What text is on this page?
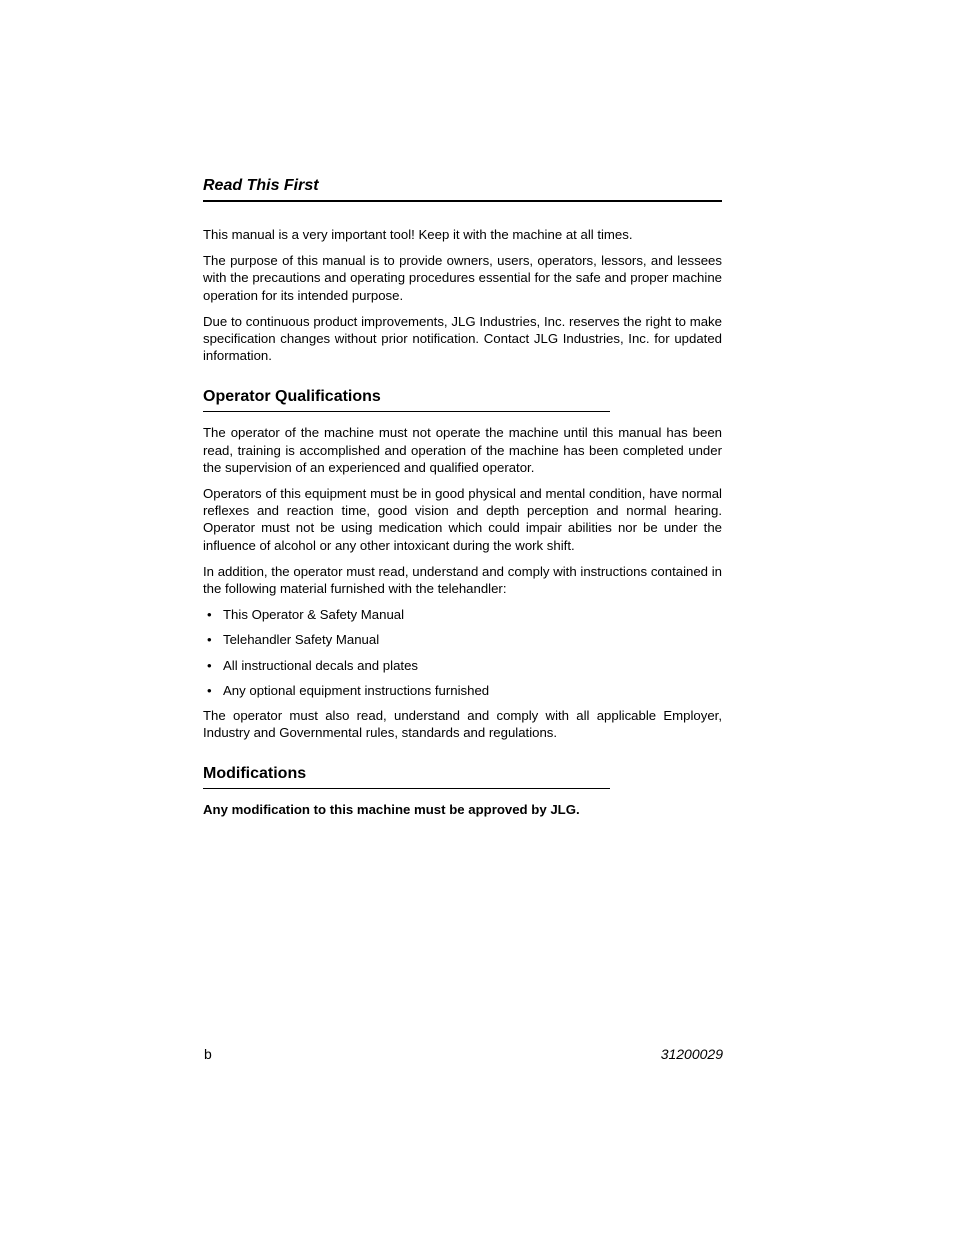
Read This First

This manual is a very important tool! Keep it with the machine at all times.

The purpose of this manual is to provide owners, users, operators, lessors, and lessees with the precautions and operating procedures essential for the safe and proper machine operation for its intended purpose.

Due to continuous product improvements, JLG Industries, Inc. reserves the right to make specification changes without prior notification. Contact JLG Industries, Inc. for updated information.

Operator Qualifications

The operator of the machine must not operate the machine until this manual has been read, training is accomplished and operation of the machine has been completed under the supervision of an experienced and qualified operator.

Operators of this equipment must be in good physical and mental condition, have normal reflexes and reaction time, good vision and depth perception and normal hearing. Operator must not be using medication which could impair abilities nor be under the influence of alcohol or any other intoxicant during the work shift.

In addition, the operator must read, understand and comply with instructions contained in the following material furnished with the telehandler:

• This Operator & Safety Manual
• Telehandler Safety Manual
• All instructional decals and plates
• Any optional equipment instructions furnished

The operator must also read, understand and comply with all applicable Employer, Industry and Governmental rules, standards and regulations.

Modifications

Any modification to this machine must be approved by JLG.

b	31200029
